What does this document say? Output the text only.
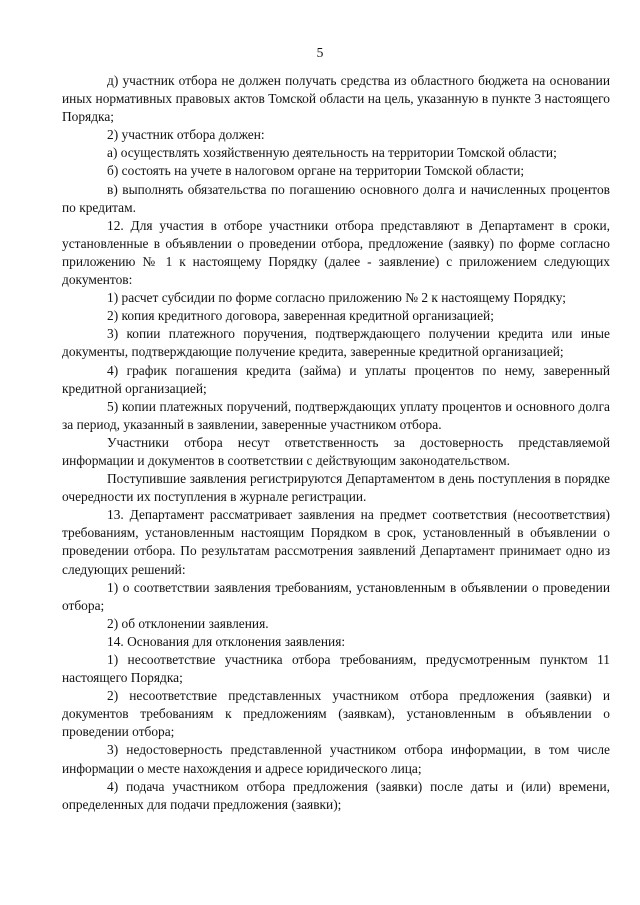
5

д) участник отбора не должен получать средства из областного бюджета на основании иных нормативных правовых актов Томской области на цель, указанную в пункте 3 настоящего Порядка;

2) участник отбора должен:

а) осуществлять хозяйственную деятельность на территории Томской области;

б) состоять на учете в налоговом органе на территории Томской области;

в) выполнять обязательства по погашению основного долга и начисленных процентов по кредитам.

12. Для участия в отборе участники отбора представляют в Департамент в сроки, установленные в объявлении о проведении отбора, предложение (заявку) по форме согласно приложению № 1 к настоящему Порядку (далее - заявление) с приложением следующих документов:

1) расчет субсидии по форме согласно приложению № 2 к настоящему Порядку;

2) копия кредитного договора, заверенная кредитной организацией;

3) копии платежного поручения, подтверждающего получении кредита или иные документы, подтверждающие получение кредита, заверенные кредитной организацией;

4) график погашения кредита (займа) и уплаты процентов по нему, заверенный кредитной организацией;

5) копии платежных поручений, подтверждающих уплату процентов и основного долга за период, указанный в заявлении, заверенные участником отбора.

Участники отбора несут ответственность за достоверность представляемой информации и документов в соответствии с действующим законодательством.

Поступившие заявления регистрируются Департаментом в день поступления в порядке очередности их поступления в журнале регистрации.

13. Департамент рассматривает заявления на предмет соответствия (несоответствия) требованиям, установленным настоящим Порядком в срок, установленный в объявлении о проведении отбора. По результатам рассмотрения заявлений Департамент принимает одно из следующих решений:

1) о соответствии заявления требованиям, установленным в объявлении о проведении отбора;

2) об отклонении заявления.

14. Основания для отклонения заявления:

1) несоответствие участника отбора требованиям, предусмотренным пунктом 11 настоящего Порядка;

2) несоответствие представленных участником отбора предложения (заявки) и документов требованиям к предложениям (заявкам), установленным в объявлении о проведении отбора;

3) недостоверность представленной участником отбора информации, в том числе информации о месте нахождения и адресе юридического лица;

4) подача участником отбора предложения (заявки) после даты и (или) времени, определенных для подачи предложения (заявки);
